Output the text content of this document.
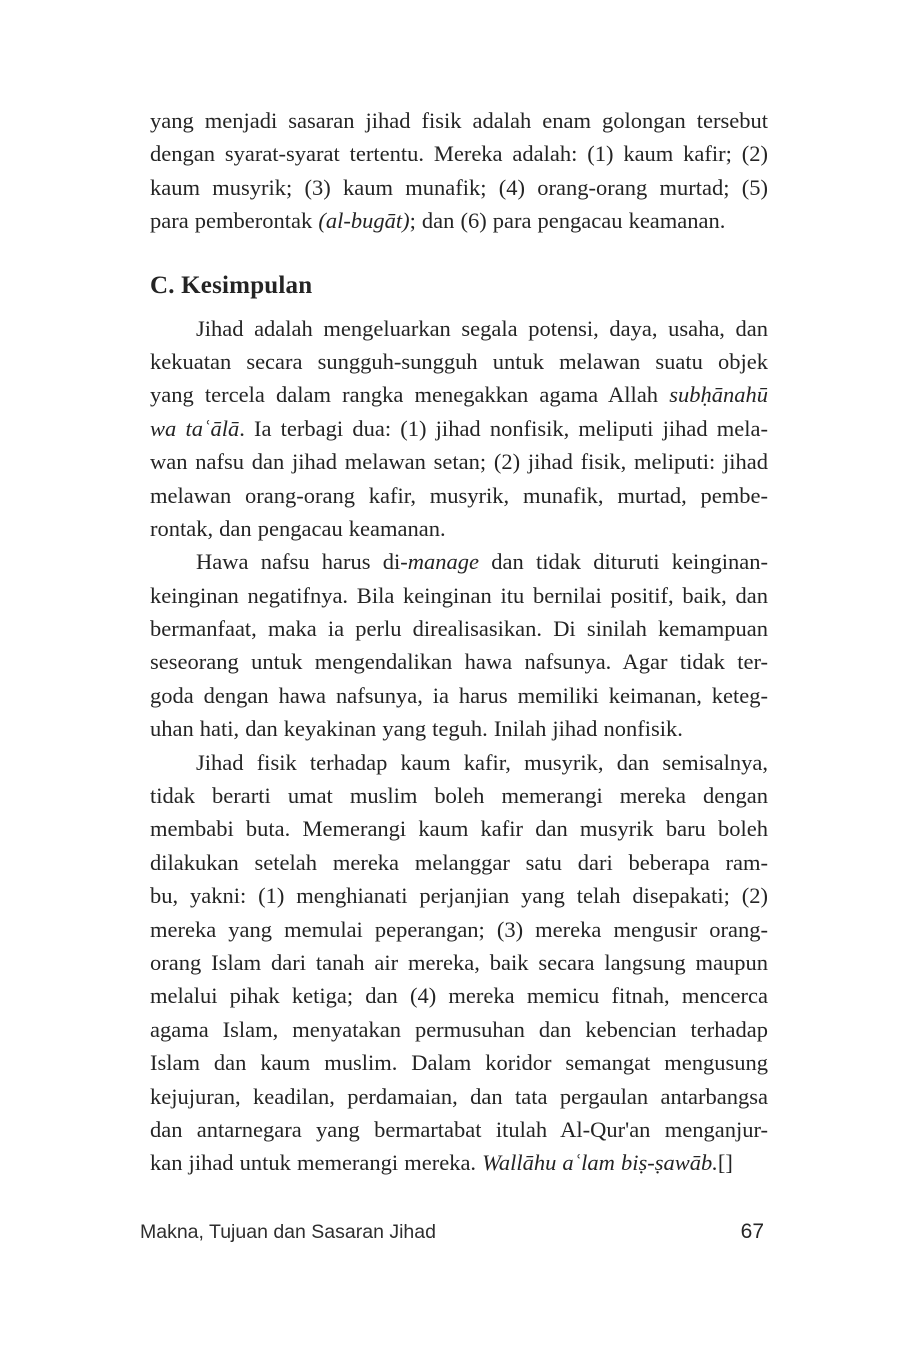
yang menjadi sasaran jihad fisik adalah enam golongan tersebut
dengan syarat-syarat tertentu. Mereka adalah: (1) kaum kafir; (2)
kaum musyrik; (3) kaum munafik; (4) orang-orang murtad; (5)
para pemberontak (al-bugāt); dan (6) para pengacau keamanan.
C. Kesimpulan
Jihad adalah mengeluarkan segala potensi, daya, usaha, dan
kekuatan secara sungguh-sungguh untuk melawan suatu objek
yang tercela dalam rangka menegakkan agama Allah subḥānahū
wa taʿālā. Ia terbagi dua: (1) jihad nonfisik, meliputi jihad mela-
wan nafsu dan jihad melawan setan; (2) jihad fisik, meliputi: jihad
melawan orang-orang kafir, musyrik, munafik, murtad, pembe-
rontak, dan pengacau keamanan.
Hawa nafsu harus di-manage dan tidak dituruti keinginan-
keinginan negatifnya. Bila keinginan itu bernilai positif, baik, dan
bermanfaat, maka ia perlu direalisasikan. Di sinilah kemampuan
seseorang untuk mengendalikan hawa nafsunya. Agar tidak ter-
goda dengan hawa nafsunya, ia harus memiliki keimanan, keteg-
uhan hati, dan keyakinan yang teguh. Inilah jihad nonfisik.
Jihad fisik terhadap kaum kafir, musyrik, dan semisalnya,
tidak berarti umat muslim boleh memerangi mereka dengan
membabi buta. Memerangi kaum kafir dan musyrik baru boleh
dilakukan setelah mereka melanggar satu dari beberapa ram-
bu, yakni: (1) menghianati perjanjian yang telah disepakati; (2)
mereka yang memulai peperangan; (3) mereka mengusir orang-
orang Islam dari tanah air mereka, baik secara langsung maupun
melalui pihak ketiga; dan (4) mereka memicu fitnah, mencerca
agama Islam, menyatakan permusuhan dan kebencian terhadap
Islam dan kaum muslim. Dalam koridor semangat mengusung
kejujuran, keadilan, perdamaian, dan tata pergaulan antarbangsa
dan antarnegara yang bermartabat itulah Al-Qur'an menganjur-
kan jihad untuk memerangi mereka. Wallāhu aʿlam biṣ-ṣawāb.[]
Makna, Tujuan dan Sasaran Jihad	67
